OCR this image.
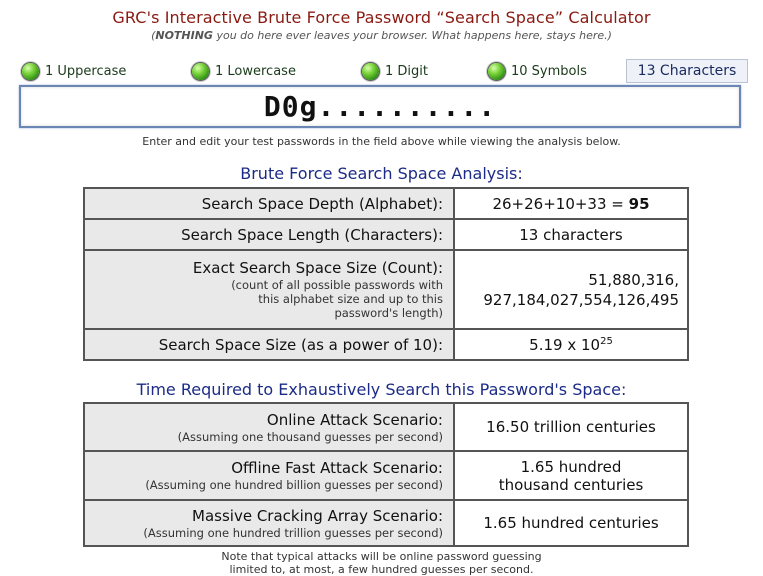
GRC's Interactive Brute Force Password “Search Space” Calculator
(NOTHING you do here ever leaves your browser. What happens here, stays here.)
1 Uppercase	1 Lowercase	1 Digit	10 Symbols	13 Characters
D0g..........
Enter and edit your test passwords in the field above while viewing the analysis below.
Brute Force Search Space Analysis:
Search Space Depth (Alphabet):	26+26+10+33 = 95
Search Space Length (Characters):	13 characters

Exact Search Space Size (Count):
(count of all possible passwords with this alphabet size and up to this password's length)	51,880,316,
927,184,027,554,126,495

Search Space Size (as a power of 10):	5.19 x $10^{25}$
Time Required to Exhaustively Search this Password's Space:
Online Attack Scenario:
(Assuming one thousand guesses per second)	16.50 trillion centuries

Offline Fast Attack Scenario:
(Assuming one hundred billion guesses per second)	1.65 hundred thousand centuries

Massive Cracking Array Scenario:
(Assuming one hundred trillion guesses per second)	1.65 hundred centuries
Note that typical attacks will be online password guessing
limited to, at most, a few hundred guesses per second.
